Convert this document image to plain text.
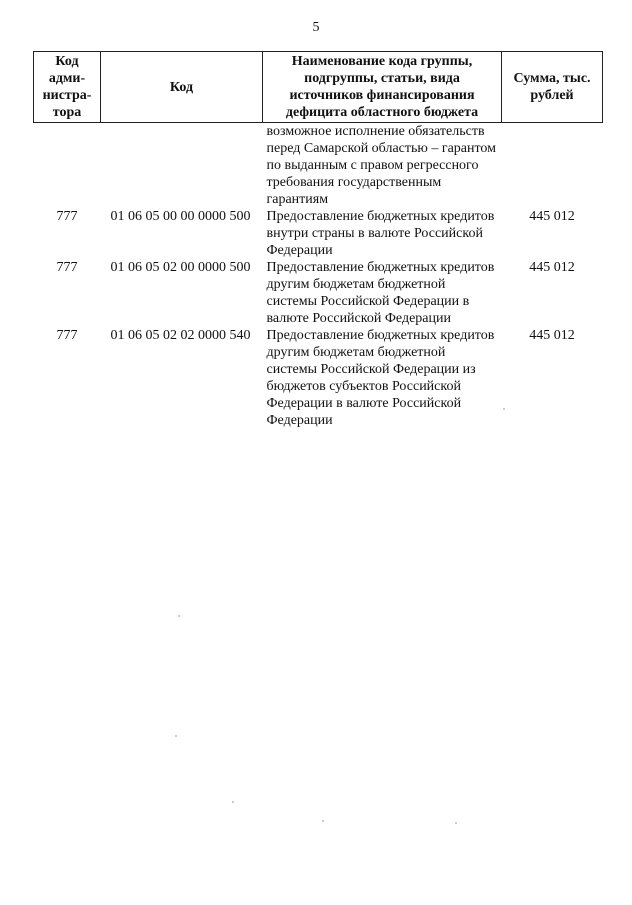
5
Код адми-нистра-тора	Код	Наименование кода группы, подгруппы, статьи, вида источников финансирования дефицита областного бюджета	Сумма, тыс. рублей
		возможное исполнение обязательств перед Самарской областью – гарантом по выданным с правом регрессного требования государственным гарантиям	
777	01 06 05 00 00 0000 500	Предоставление бюджетных кредитов внутри страны в валюте Российской Федерации	445 012
777	01 06 05 02 00 0000 500	Предоставление бюджетных кредитов другим бюджетам бюджетной системы Российской Федерации в валюте Российской Федерации	445 012
777	01 06 05 02 02 0000 540	Предоставление бюджетных кредитов другим бюджетам бюджетной системы Российской Федерации из бюджетов субъектов Российской Федерации в валюте Российской Федерации	445 012
